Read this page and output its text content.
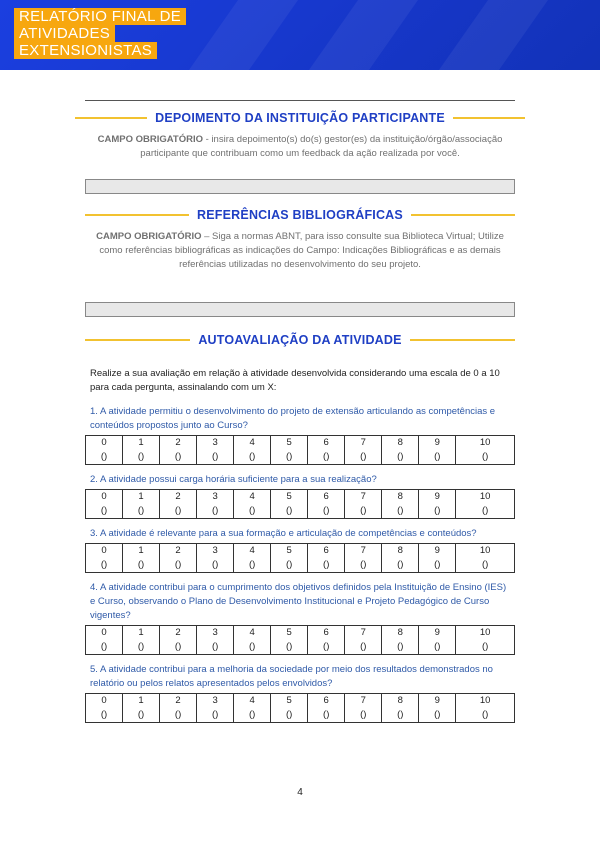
RELATÓRIO FINAL DE
ATIVIDADES
EXTENSIONISTAS
DEPOIMENTO DA INSTITUIÇÃO PARTICIPANTE
CAMPO OBRIGATÓRIO - insira depoimento(s) do(s) gestor(es) da instituição/órgão/associação participante que contribuam como um feedback da ação realizada por você.
REFERÊNCIAS BIBLIOGRÁFICAS
CAMPO OBRIGATÓRIO – Siga a normas ABNT, para isso consulte sua Biblioteca Virtual; Utilize como referências bibliográficas as indicações do Campo: Indicações Bibliográficas e as demais referências utilizadas no desenvolvimento do seu projeto.
AUTOAVALIAÇÃO DA ATIVIDADE
Realize a sua avaliação em relação à atividade desenvolvida considerando uma escala de 0 a 10 para cada pergunta, assinalando com um X:
1. A atividade permitiu o desenvolvimento do projeto de extensão articulando as competências e conteúdos propostos junto ao Curso?
0	1	2	3	4	5	6	7	8	9	10
()	()	()	()	()	()	()	()	()	()	()
2. A atividade possui carga horária suficiente para a sua realização?
0	1	2	3	4	5	6	7	8	9	10
()	()	()	()	()	()	()	()	()	()	()
3. A atividade é relevante para a sua formação e articulação de competências e conteúdos?
0	1	2	3	4	5	6	7	8	9	10
()	()	()	()	()	()	()	()	()	()	()
4. A atividade contribui para o cumprimento dos objetivos definidos pela Instituição de Ensino (IES) e Curso, observando o Plano de Desenvolvimento Institucional e Projeto Pedagógico de Curso vigentes?
0	1	2	3	4	5	6	7	8	9	10
()	()	()	()	()	()	()	()	()	()	()
5. A atividade contribui para a melhoria da sociedade por meio dos resultados demonstrados no relatório ou pelos relatos apresentados pelos envolvidos?
0	1	2	3	4	5	6	7	8	9	10
()	()	()	()	()	()	()	()	()	()	()
4
